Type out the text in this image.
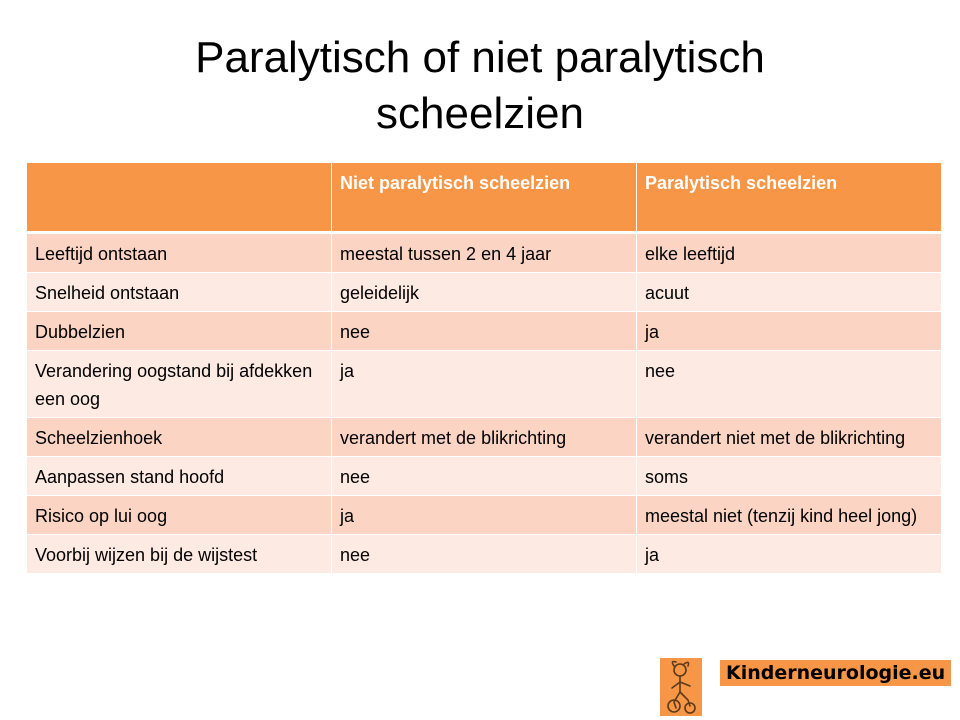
Paralytisch of niet paralytisch
scheelzien
	Niet paralytisch scheelzien	Paralytisch scheelzien
Leeftijd ontstaan	meestal tussen 2 en 4 jaar	elke leeftijd
Snelheid ontstaan	geleidelijk	acuut
Dubbelzien	nee	ja
Verandering oogstand bij afdekken een oog	ja	nee
Scheelzienhoek	verandert met de blikrichting	verandert niet met de blikrichting
Aanpassen stand hoofd	nee	soms
Risico op lui oog	ja	meestal niet (tenzij kind heel jong)
Voorbij wijzen bij de wijstest	nee	ja
Kinderneurologie.eu
